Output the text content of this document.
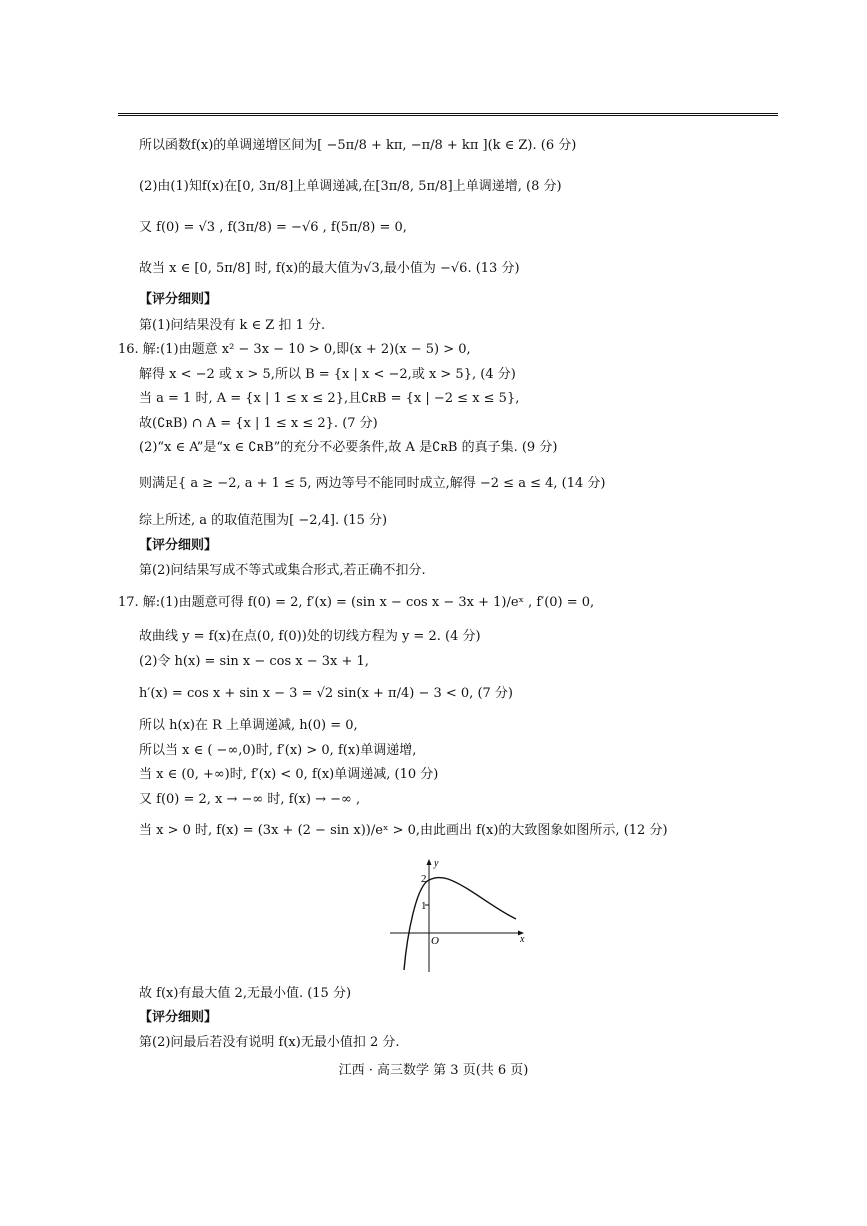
所以函数f(x)的单调递增区间为[ −5π/8 + kπ, −π/8 + kπ ](k ∈ Z). (6 分)
(2)由(1)知f(x)在[0, 3π/8]上单调递减,在[3π/8, 5π/8]上单调递增, (8 分)
又 f(0) = √3 , f(3π/8) = −√6 , f(5π/8) = 0,
故当 x ∈ [0, 5π/8] 时, f(x)的最大值为√3,最小值为 −√6. (13 分)
【评分细则】
第(1)问结果没有 k ∈ Z 扣 1 分.
16. 解:(1)由题意 x² − 3x − 10 > 0,即(x + 2)(x − 5) > 0,
解得 x < −2 或 x > 5,所以 B = {x | x < −2,或 x > 5}, (4 分)
当 a = 1 时, A = {x | 1 ≤ x ≤ 2},且∁ʀB = {x | −2 ≤ x ≤ 5},
故(∁ʀB) ∩ A = {x | 1 ≤ x ≤ 2}. (7 分)
(2)“x ∈ A”是“x ∈ ∁ʀB”的充分不必要条件,故 A 是∁ʀB 的真子集. (9 分)
则满足{ a ≥ −2, a + 1 ≤ 5, 两边等号不能同时成立,解得 −2 ≤ a ≤ 4, (14 分)
综上所述, a 的取值范围为[ −2,4]. (15 分)
【评分细则】
第(2)问结果写成不等式或集合形式,若正确不扣分.
17. 解:(1)由题意可得 f(0) = 2, f′(x) = (sin x − cos x − 3x + 1)/eˣ , f′(0) = 0,
故曲线 y = f(x)在点(0, f(0))处的切线方程为 y = 2. (4 分)
(2)令 h(x) = sin x − cos x − 3x + 1,
h′(x) = cos x + sin x − 3 = √2 sin(x + π/4) − 3 < 0, (7 分)
所以 h(x)在 R 上单调递减, h(0) = 0,
所以当 x ∈ ( −∞,0)时, f′(x) > 0, f(x)单调递增,
当 x ∈ (0, +∞)时, f′(x) < 0, f(x)单调递减, (10 分)
又 f(0) = 2, x → −∞ 时, f(x) → −∞ ,
当 x > 0 时, f(x) = (3x + (2 − sin x))/eˣ > 0,由此画出 f(x)的大致图象如图所示, (12 分)
y
x
O
2
1
故 f(x)有最大值 2,无最小值. (15 分)
【评分细则】
第(2)问最后若没有说明 f(x)无最小值扣 2 分.
江西 · 高三数学 第 3 页(共 6 页)
